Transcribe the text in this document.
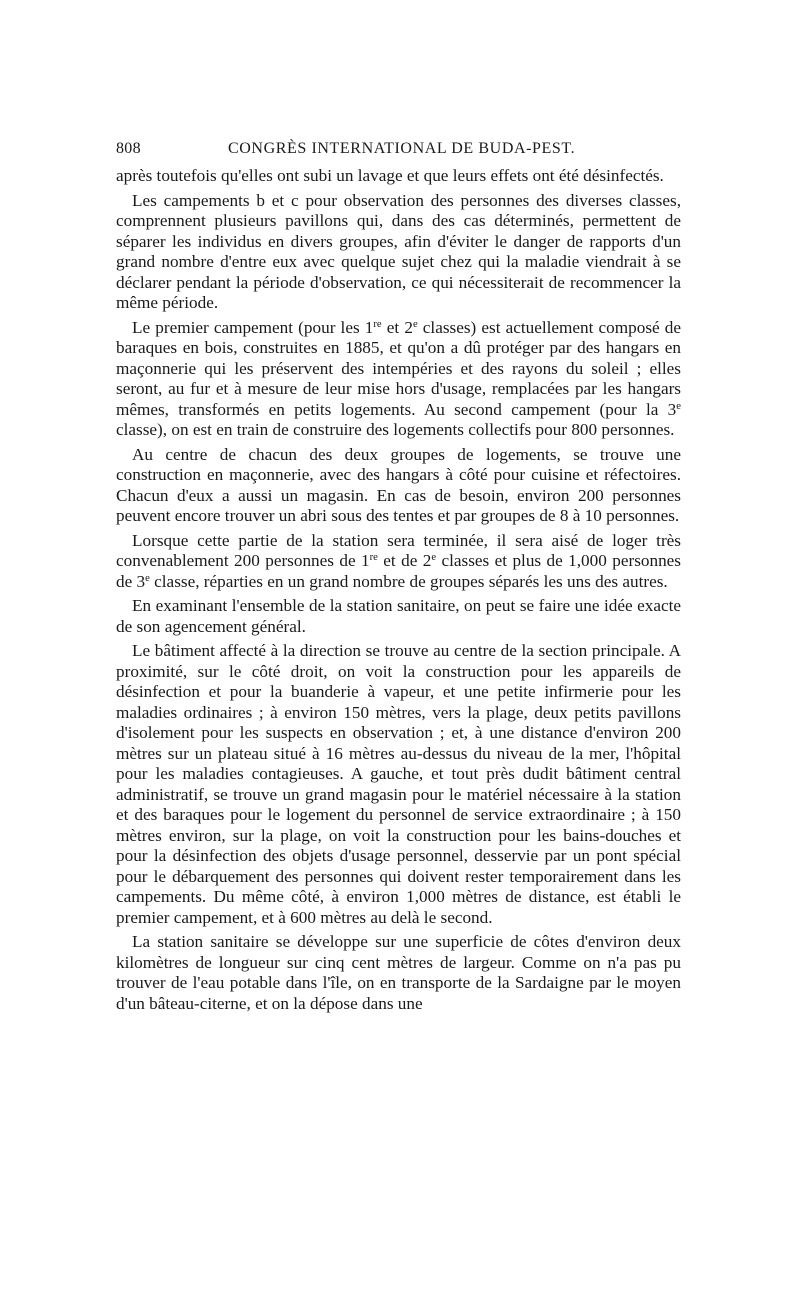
808	CONGRÈS INTERNATIONAL DE BUDA-PEST.

après toutefois qu'elles ont subi un lavage et que leurs effets ont été désinfectés.

Les campements b et c pour observation des personnes des diverses classes, comprennent plusieurs pavillons qui, dans des cas déterminés, permettent de séparer les individus en divers groupes, afin d'éviter le danger de rapports d'un grand nombre d'entre eux avec quelque sujet chez qui la maladie viendrait à se déclarer pendant la période d'observation, ce qui nécessiterait de recommencer la même période.

Le premier campement (pour les 1re et 2e classes) est actuellement composé de baraques en bois, construites en 1885, et qu'on a dû protéger par des hangars en maçonnerie qui les préservent des intempéries et des rayons du soleil ; elles seront, au fur et à mesure de leur mise hors d'usage, remplacées par les hangars mêmes, transformés en petits logements. Au second campement (pour la 3e classe), on est en train de construire des logements collectifs pour 800 personnes.

Au centre de chacun des deux groupes de logements, se trouve une construction en maçonnerie, avec des hangars à côté pour cuisine et réfectoires. Chacun d'eux a aussi un magasin. En cas de besoin, environ 200 personnes peuvent encore trouver un abri sous des tentes et par groupes de 8 à 10 personnes.

Lorsque cette partie de la station sera terminée, il sera aisé de loger très convenablement 200 personnes de 1re et de 2e classes et plus de 1,000 personnes de 3e classe, réparties en un grand nombre de groupes séparés les uns des autres.

En examinant l'ensemble de la station sanitaire, on peut se faire une idée exacte de son agencement général.

Le bâtiment affecté à la direction se trouve au centre de la section principale. A proximité, sur le côté droit, on voit la construction pour les appareils de désinfection et pour la buanderie à vapeur, et une petite infirmerie pour les maladies ordinaires ; à environ 150 mètres, vers la plage, deux petits pavillons d'isolement pour les suspects en observation ; et, à une distance d'environ 200 mètres sur un plateau situé à 16 mètres au-dessus du niveau de la mer, l'hôpital pour les maladies contagieuses. A gauche, et tout près dudit bâtiment central administratif, se trouve un grand magasin pour le matériel nécessaire à la station et des baraques pour le logement du personnel de service extraordinaire ; à 150 mètres environ, sur la plage, on voit la construction pour les bains-douches et pour la désinfection des objets d'usage personnel, desservie par un pont spécial pour le débarquement des personnes qui doivent rester temporairement dans les campements. Du même côté, à environ 1,000 mètres de distance, est établi le premier campement, et à 600 mètres au delà le second.

La station sanitaire se développe sur une superficie de côtes d'environ deux kilomètres de longueur sur cinq cent mètres de largeur. Comme on n'a pas pu trouver de l'eau potable dans l'île, on en transporte de la Sardaigne par le moyen d'un bâteau-citerne, et on la dépose dans une
